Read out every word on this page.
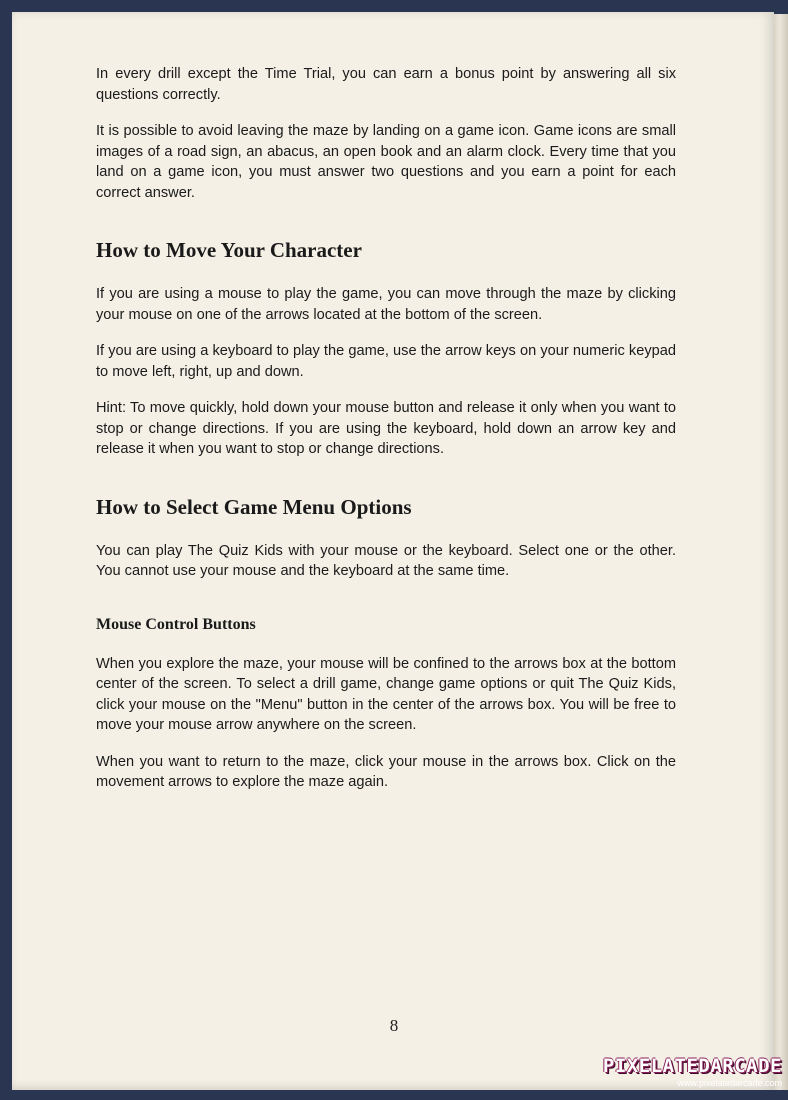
In every drill except the Time Trial, you can earn a bonus point by answering all six questions correctly.

It is possible to avoid leaving the maze by landing on a game icon. Game icons are small images of a road sign, an abacus, an open book and an alarm clock. Every time that you land on a game icon, you must answer two questions and you earn a point for each correct answer.

How to Move Your Character

If you are using a mouse to play the game, you can move through the maze by clicking your mouse on one of the arrows located at the bottom of the screen.

If you are using a keyboard to play the game, use the arrow keys on your numeric keypad to move left, right, up and down.

Hint: To move quickly, hold down your mouse button and release it only when you want to stop or change directions. If you are using the keyboard, hold down an arrow key and release it when you want to stop or change directions.

How to Select Game Menu Options

You can play The Quiz Kids with your mouse or the keyboard. Select one or the other. You cannot use your mouse and the keyboard at the same time.

Mouse Control Buttons

When you explore the maze, your mouse will be confined to the arrows box at the bottom center of the screen. To select a drill game, change game options or quit The Quiz Kids, click your mouse on the "Menu" button in the center of the arrows box. You will be free to move your mouse arrow anywhere on the screen.

When you want to return to the maze, click your mouse in the arrows box. Click on the movement arrows to explore the maze again.

8
PIXELATEDARCADE
www.pixelatedarcade.com
